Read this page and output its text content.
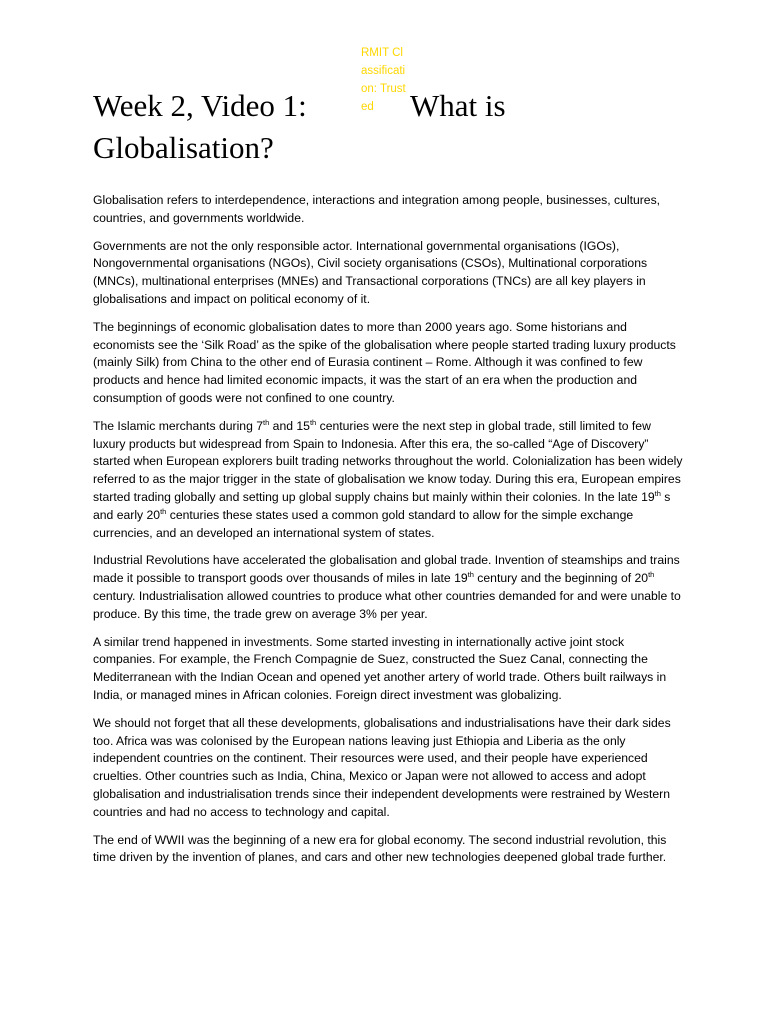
RMIT Classification: Trusted
Week 2, Video 1:	What is
Globalisation?

Globalisation refers to interdependence, interactions and integration among people, businesses, cultures, countries, and governments worldwide.

Governments are not the only responsible actor. International governmental organisations (IGOs), Nongovernmental organisations (NGOs), Civil society organisations (CSOs), Multinational corporations (MNCs), multinational enterprises (MNEs) and Transactional corporations (TNCs) are all key players in globalisations and impact on political economy of it.

The beginnings of economic globalisation dates to more than 2000 years ago. Some historians and economists see the ‘Silk Road’ as the spike of the globalisation where people started trading luxury products (mainly Silk) from China to the other end of Eurasia continent – Rome. Although it was confined to few products and hence had limited economic impacts, it was the start of an era when the production and consumption of goods were not confined to one country.

The Islamic merchants during 7th and 15th centuries were the next step in global trade, still limited to few luxury products but widespread from Spain to Indonesia. After this era, the so-called “Age of Discovery” started when European explorers built trading networks throughout the world. Colonialization has been widely referred to as the major trigger in the state of globalisation we know today. During this era, European empires started trading globally and setting up global supply chains but mainly within their colonies. In the late 19th s and early 20th centuries these states used a common gold standard to allow for the simple exchange currencies, and an developed an international system of states.

Industrial Revolutions have accelerated the globalisation and global trade. Invention of steamships and trains made it possible to transport goods over thousands of miles in late 19th century and the beginning of 20th century. Industrialisation allowed countries to produce what other countries demanded for and were unable to produce. By this time, the trade grew on average 3% per year.

A similar trend happened in investments. Some started investing in internationally active joint stock companies. For example, the French Compagnie de Suez, constructed the Suez Canal, connecting the Mediterranean with the Indian Ocean and opened yet another artery of world trade. Others built railways in India, or managed mines in African colonies. Foreign direct investment was globalizing.

We should not forget that all these developments, globalisations and industrialisations have their dark sides too. Africa was was colonised by the European nations leaving just Ethiopia and Liberia as the only independent countries on the continent. Their resources were used, and their people have experienced cruelties. Other countries such as India, China, Mexico or Japan were not allowed to access and adopt globalisation and industrialisation trends since their independent developments were restrained by Western countries and had no access to technology and capital.

The end of WWII was the beginning of a new era for global economy. The second industrial revolution, this time driven by the invention of planes, and cars and other new technologies deepened global trade further.
